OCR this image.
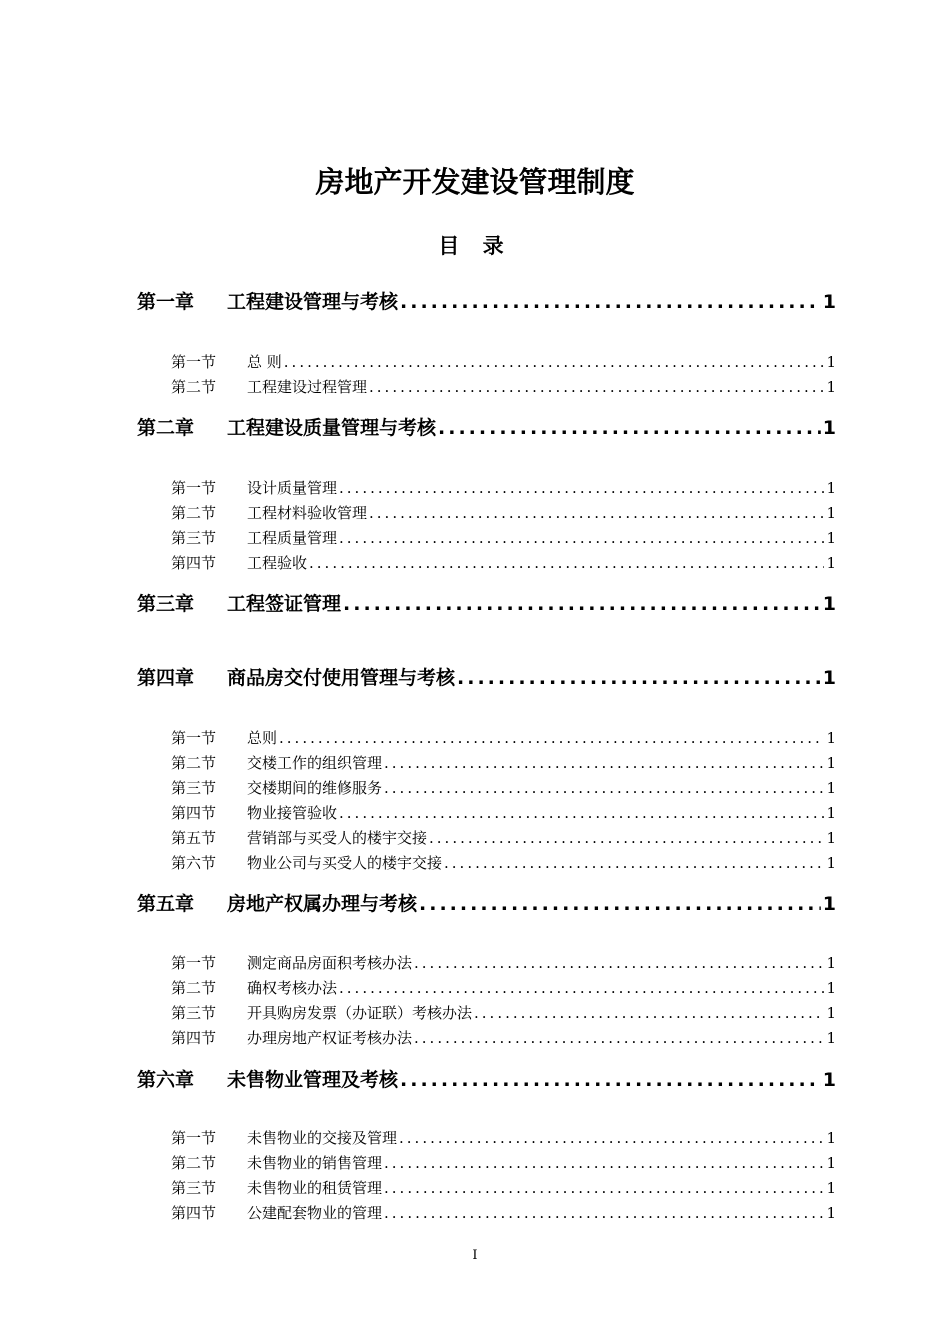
房地产开发建设管理制度
目 录
第一章	工程建设管理与考核 .....	1
第一节	总 则 .....	1
第二节	工程建设过程管理 .....	1
第二章	工程建设质量管理与考核 .....	1
第一节	设计质量管理 .....	1
第二节	工程材料验收管理 .....	1
第三节	工程质量管理 .....	1
第四节	工程验收 .....	1
第三章	工程签证管理 .....	1
第四章	商品房交付使用管理与考核 .....	1
第一节	总则 .....	1
第二节	交楼工作的组织管理 .....	1
第三节	交楼期间的维修服务 .....	1
第四节	物业接管验收 .....	1
第五节	营销部与买受人的楼宇交接 .....	1
第六节	物业公司与买受人的楼宇交接 .....	1
第五章	房地产权属办理与考核 .....	1
第一节	测定商品房面积考核办法 .....	1
第二节	确权考核办法 .....	1
第三节	开具购房发票（办证联）考核办法 .....	1
第四节	办理房地产权证考核办法 .....	1
第六章	未售物业管理及考核 .....	1
第一节	未售物业的交接及管理 .....	1
第二节	未售物业的销售管理 .....	1
第三节	未售物业的租赁管理 .....	1
第四节	公建配套物业的管理 .....	1
I
